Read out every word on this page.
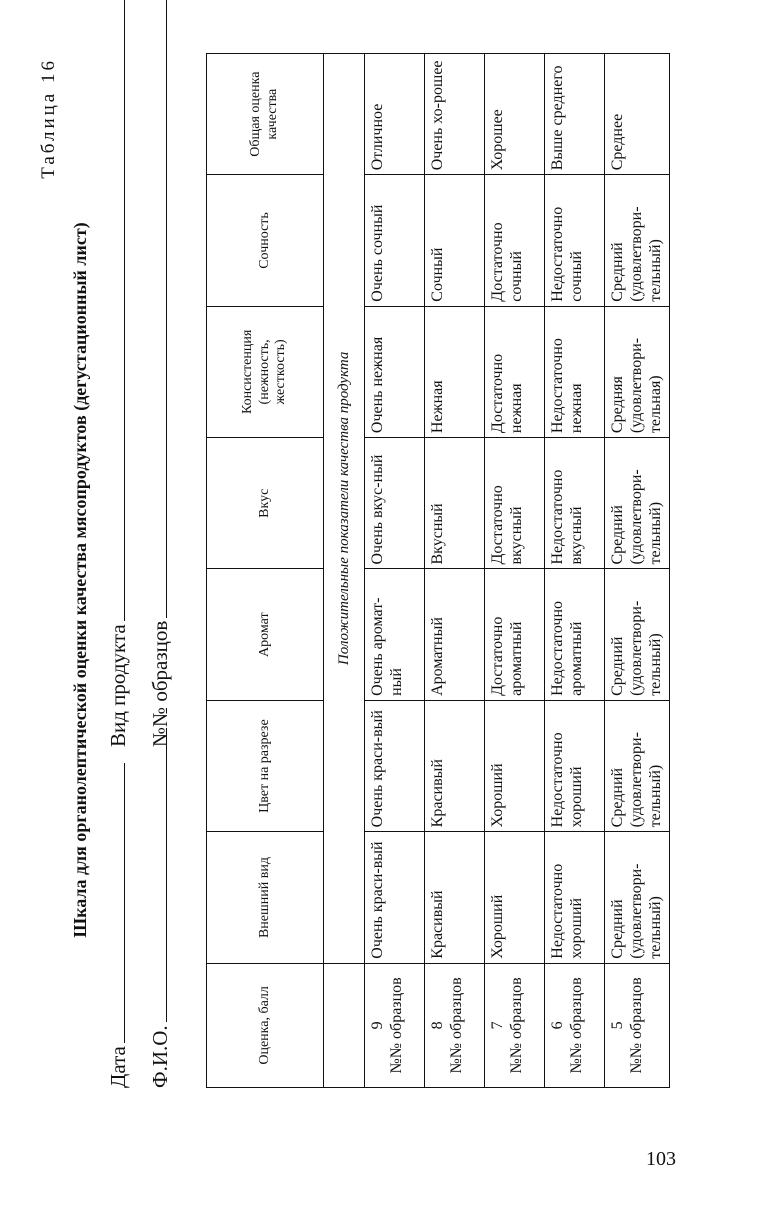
Таблица 16
Шкала для органолептической оценки качества мясопродуктов (дегустационный лист)
Дата
Вид продукта
Ф.И.О.
№№ образцов
Оценка, балл	Внешний вид	Цвет на разрезе	Аромат	Вкус	Консистенция (нежность, жесткость)	Сочность	Общая оценка качества
	Положительные показатели качества продукта						

9 №№ образцов	Очень краси-вый	Очень краси-вый	Очень аромат-ный	Очень вкус-ный	Очень нежная	Очень сочный	Отличное

8 №№ образцов	Красивый	Красивый	Ароматный	Вкусный	Нежная	Сочный	Очень хо-рошее

7 №№ образцов	Хороший	Хороший	Достаточно ароматный	Достаточно вкусный	Достаточно нежная	Достаточно сочный	Хорошее

6 №№ образцов	Недостаточно хороший	Недостаточно хороший	Недостаточно ароматный	Недостаточно вкусный	Недостаточно нежная	Недостаточно сочный	Выше среднего

5 №№ образцов	Средний (удовлетвори-тельный)	Средний (удовлетвори-тельный)	Средний (удовлетвори-тельный)	Средний (удовлетвори-тельный)	Средняя (удовлетвори-тельная)	Средний (удовлетвори-тельный)	Среднее
103
